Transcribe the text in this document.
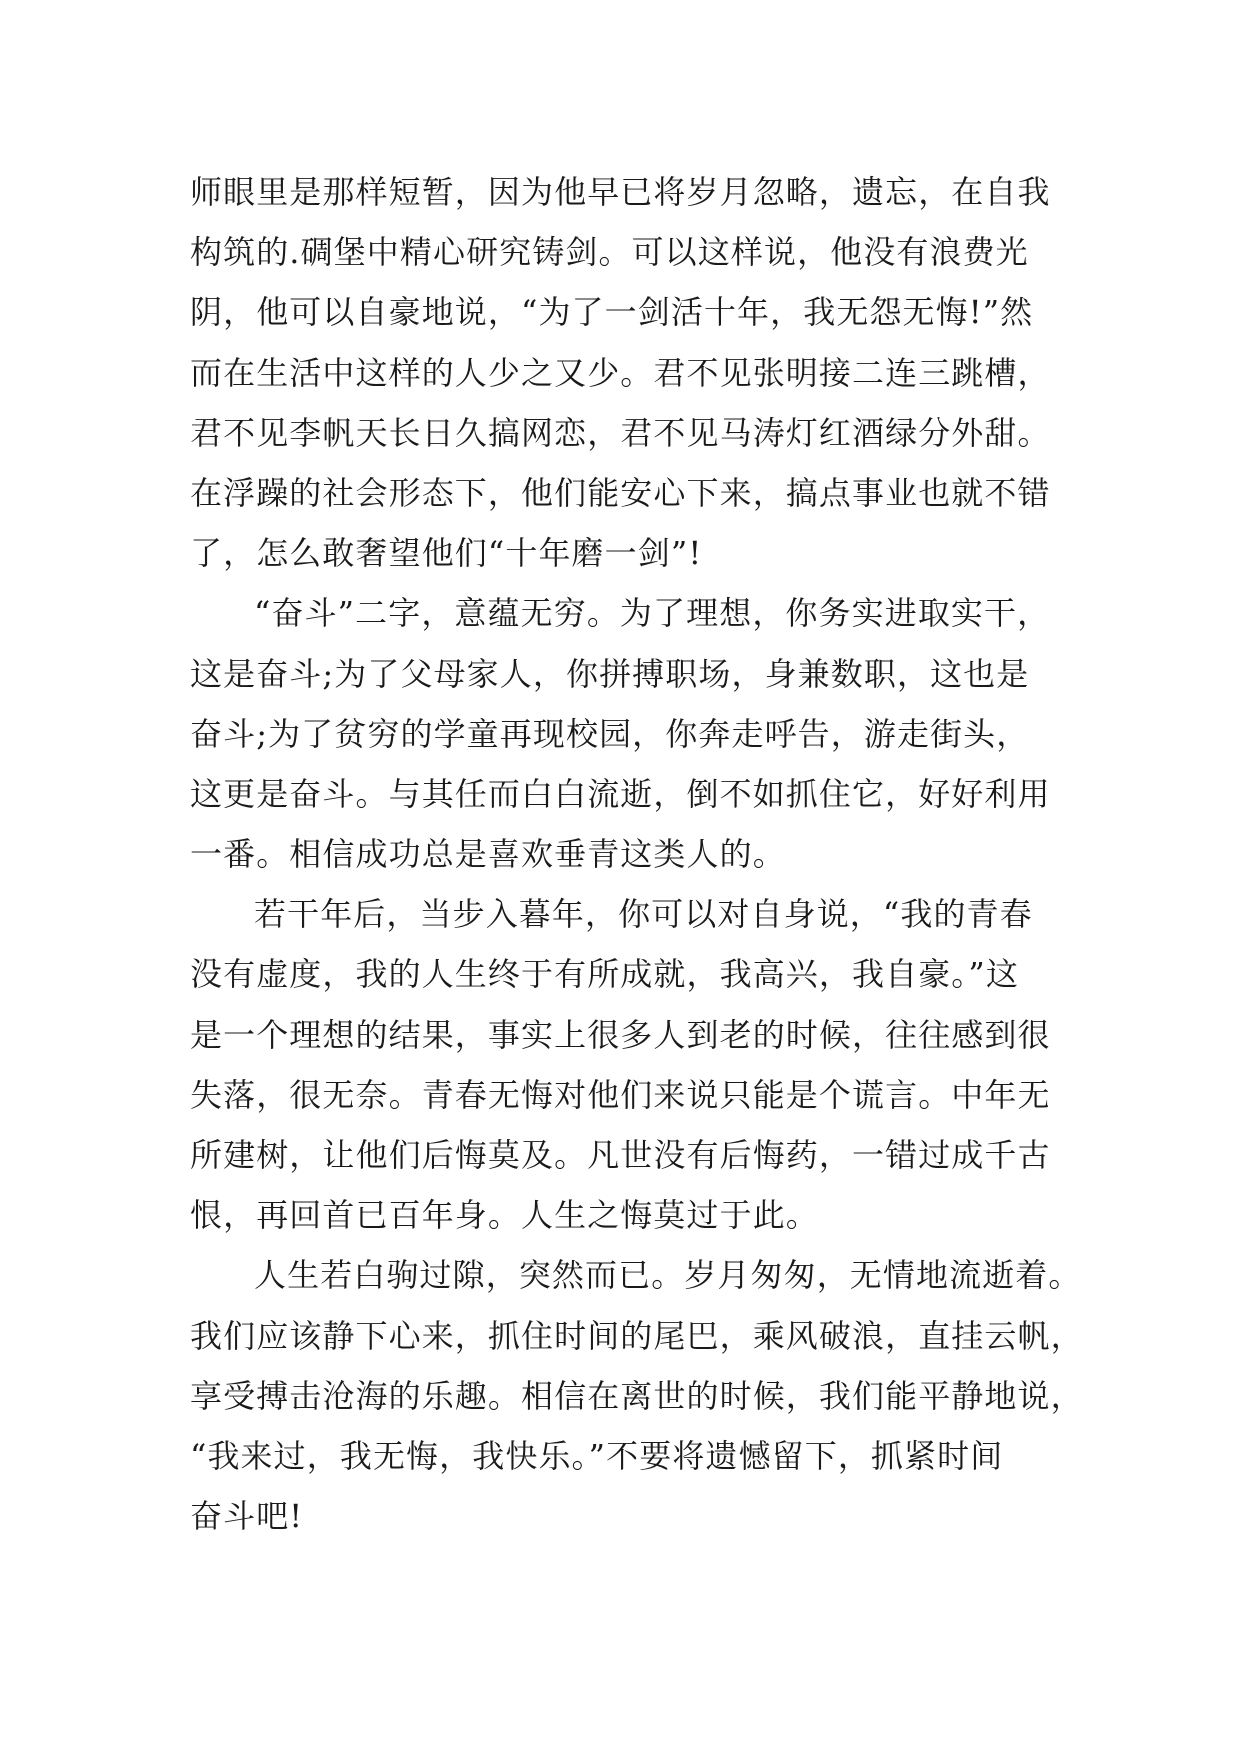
师眼里是那样短暂，因为他早已将岁月忽略，遗忘，在自我
构筑的.碉堡中精心研究铸剑。可以这样说，他没有浪费光
阴，他可以自豪地说，“为了一剑活十年，我无怨无悔!”然
而在生活中这样的人少之又少。君不见张明接二连三跳槽，
君不见李帆天长日久搞网恋，君不见马涛灯红酒绿分外甜。
在浮躁的社会形态下，他们能安心下来，搞点事业也就不错
了，怎么敢奢望他们“十年磨一剑”!
“奋斗”二字，意蕴无穷。为了理想，你务实进取实干，
这是奋斗;为了父母家人，你拼搏职场，身兼数职，这也是
奋斗;为了贫穷的学童再现校园，你奔走呼告，游走街头，
这更是奋斗。与其任而白白流逝，倒不如抓住它，好好利用
一番。相信成功总是喜欢垂青这类人的。
若干年后，当步入暮年，你可以对自身说，“我的青春
没有虚度，我的人生终于有所成就，我高兴，我自豪。”这
是一个理想的结果，事实上很多人到老的时候，往往感到很
失落，很无奈。青春无悔对他们来说只能是个谎言。中年无
所建树，让他们后悔莫及。凡世没有后悔药，一错过成千古
恨，再回首已百年身。人生之悔莫过于此。
人生若白驹过隙，突然而已。岁月匆匆，无情地流逝着。
我们应该静下心来，抓住时间的尾巴，乘风破浪，直挂云帆，
享受搏击沧海的乐趣。相信在离世的时候，我们能平静地说，
“我来过，我无悔，我快乐。”不要将遗憾留下，抓紧时间
奋斗吧!
